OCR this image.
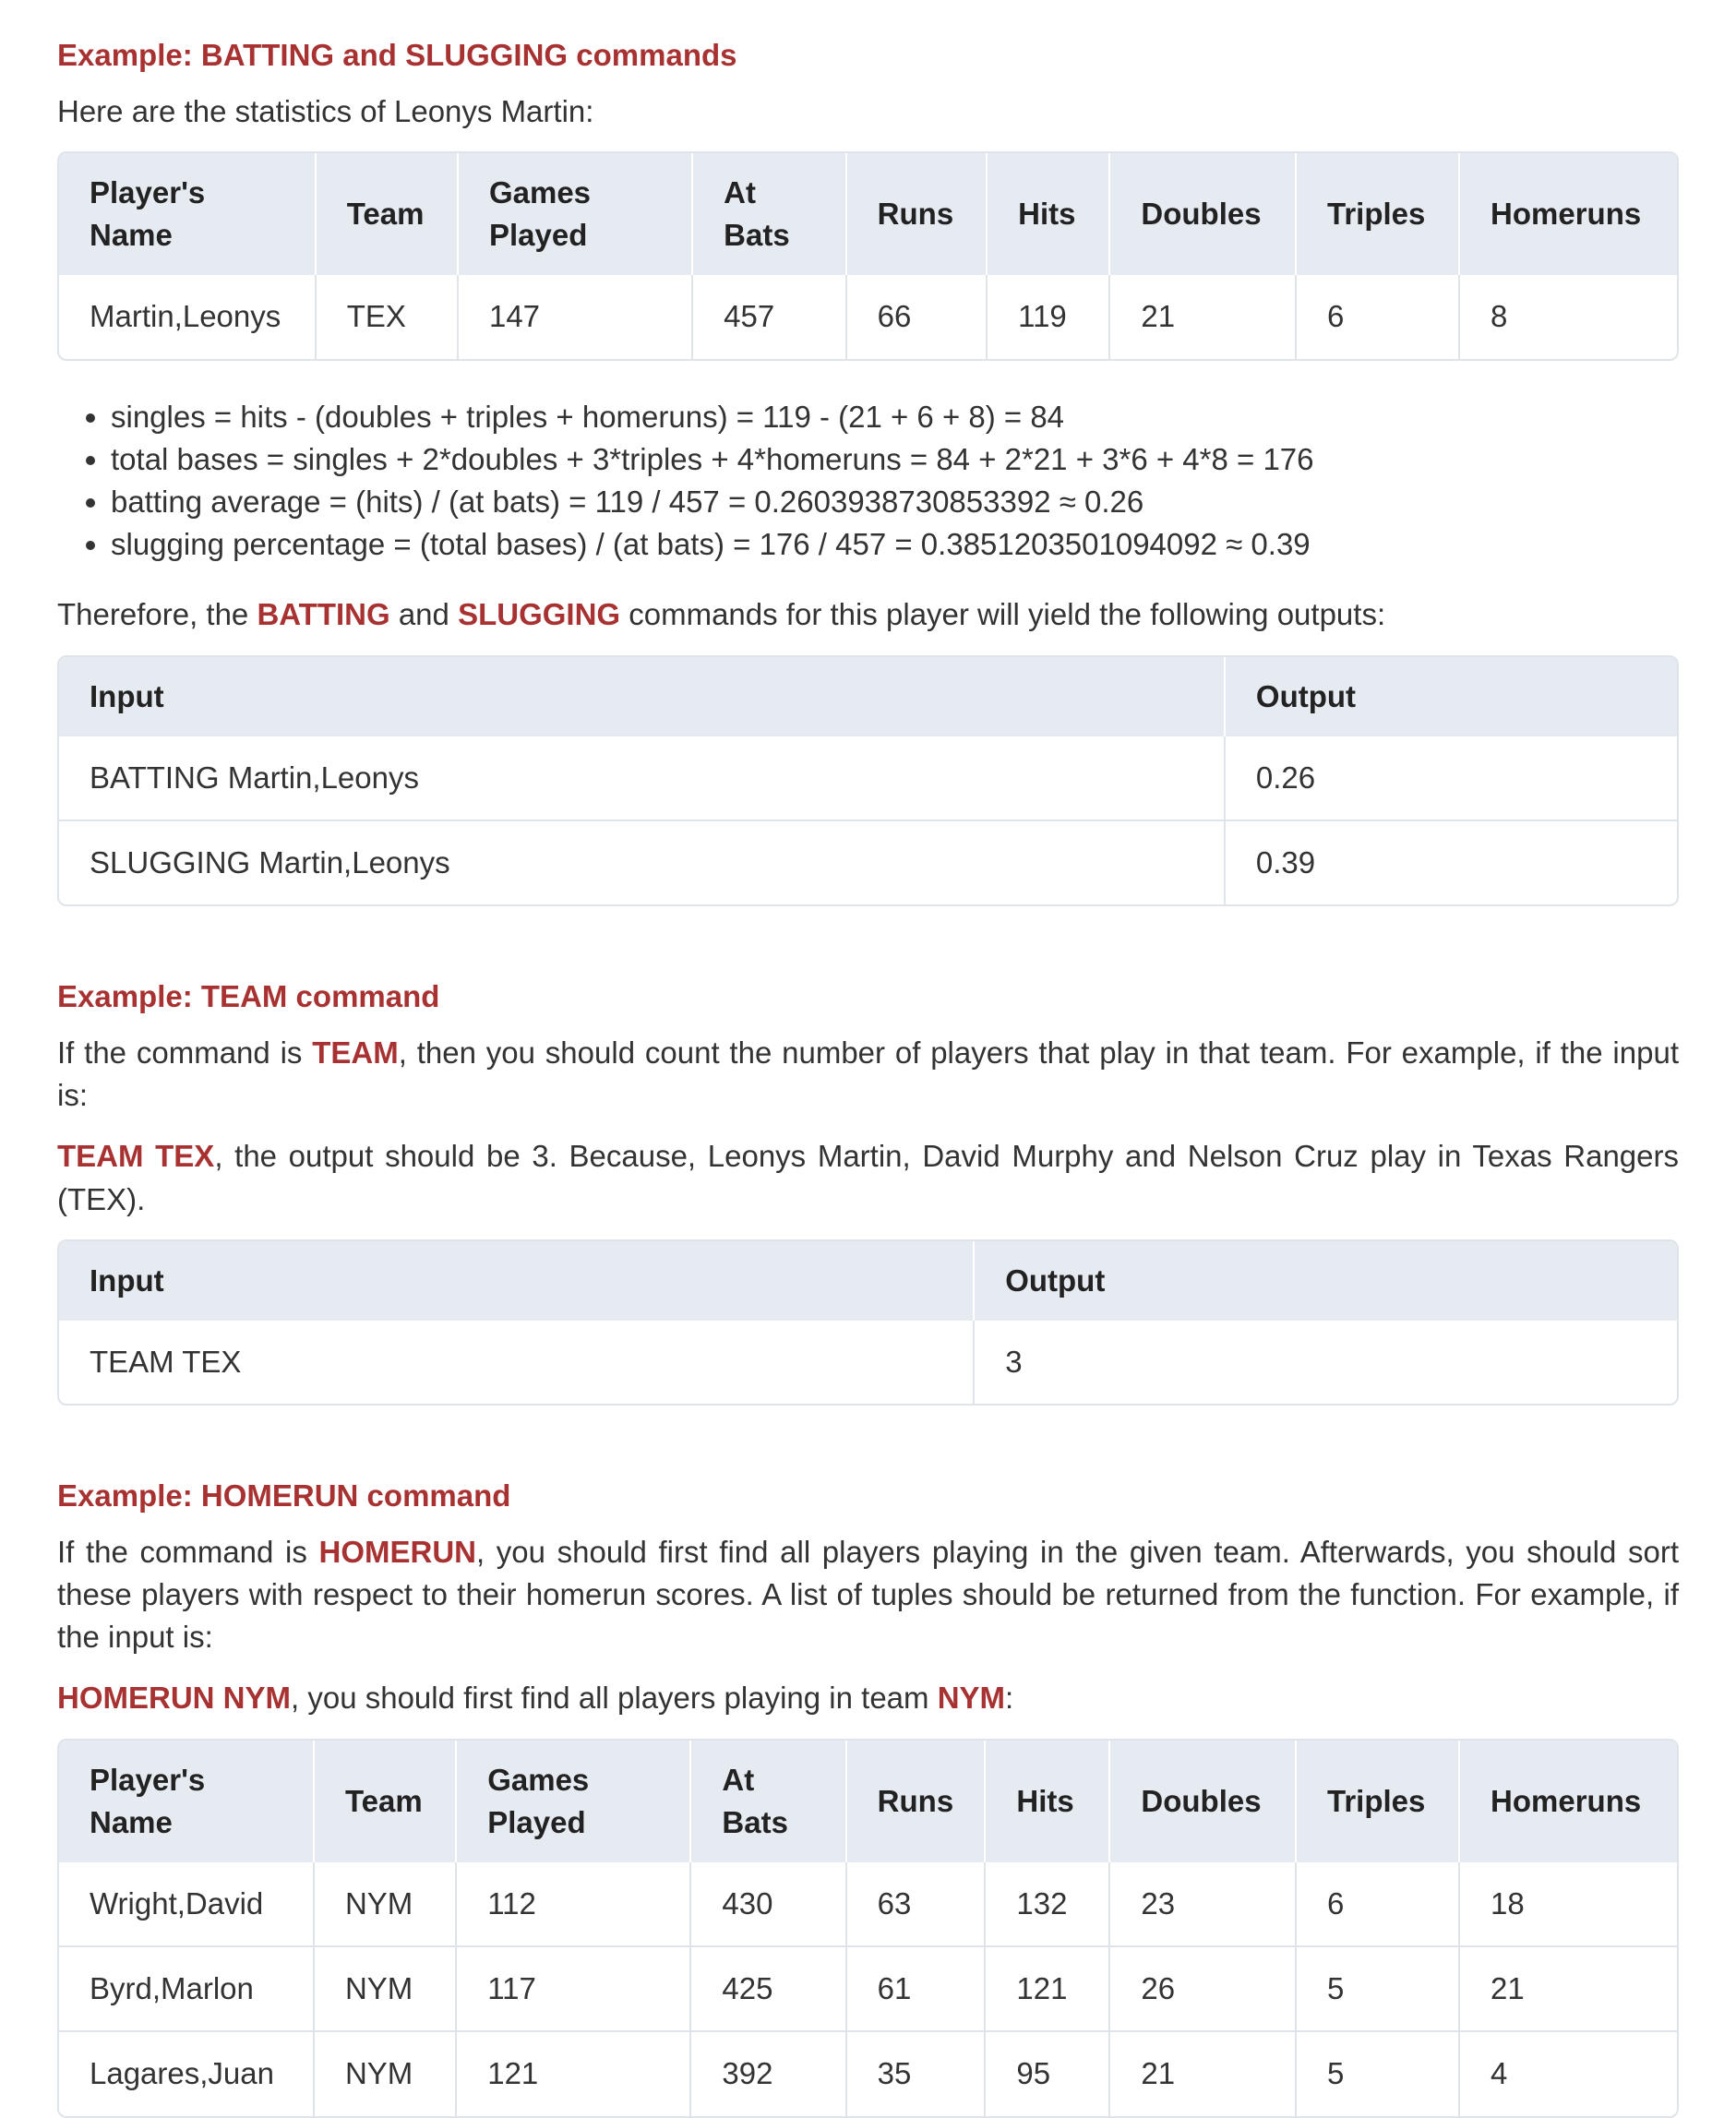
Example: BATTING and SLUGGING commands

Here are the statistics of Leonys Martin:

Player's Name	Team	Games Played	At Bats	Runs	Hits	Doubles	Triples	Homeruns
Martin,Leonys	TEX	147	457	66	119	21	6	8
• singles = hits - (doubles + triples + homeruns) = 119 - (21 + 6 + 8) = 84
• total bases = singles + 2*doubles + 3*triples + 4*homeruns = 84 + 2*21 + 3*6 + 4*8 = 176
• batting average = (hits) / (at bats) = 119 / 457 = 0.2603938730853392 ≈ 0.26
• slugging percentage = (total bases) / (at bats) = 176 / 457 = 0.3851203501094092 ≈ 0.39

Therefore, the BATTING and SLUGGING commands for this player will yield the following outputs:

Input	Output
BATTING Martin,Leonys	0.26
SLUGGING Martin,Leonys	0.39
Example: TEAM command

If the command is TEAM, then you should count the number of players that play in that team. For example, if the input is:

TEAM TEX, the output should be 3. Because, Leonys Martin, David Murphy and Nelson Cruz play in Texas Rangers (TEX).

Input	Output
TEAM TEX	3
Example: HOMERUN command

If the command is HOMERUN, you should first find all players playing in the given team. Afterwards, you should sort these players with respect to their homerun scores. A list of tuples should be returned from the function. For example, if the input is:

HOMERUN NYM, you should first find all players playing in team NYM:

Player's Name	Team	Games Played	At Bats	Runs	Hits	Doubles	Triples	Homeruns
Wright,David	NYM	112	430	63	132	23	6	18
Byrd,Marlon	NYM	117	425	61	121	26	5	21
Lagares,Juan	NYM	121	392	35	95	21	5	4
